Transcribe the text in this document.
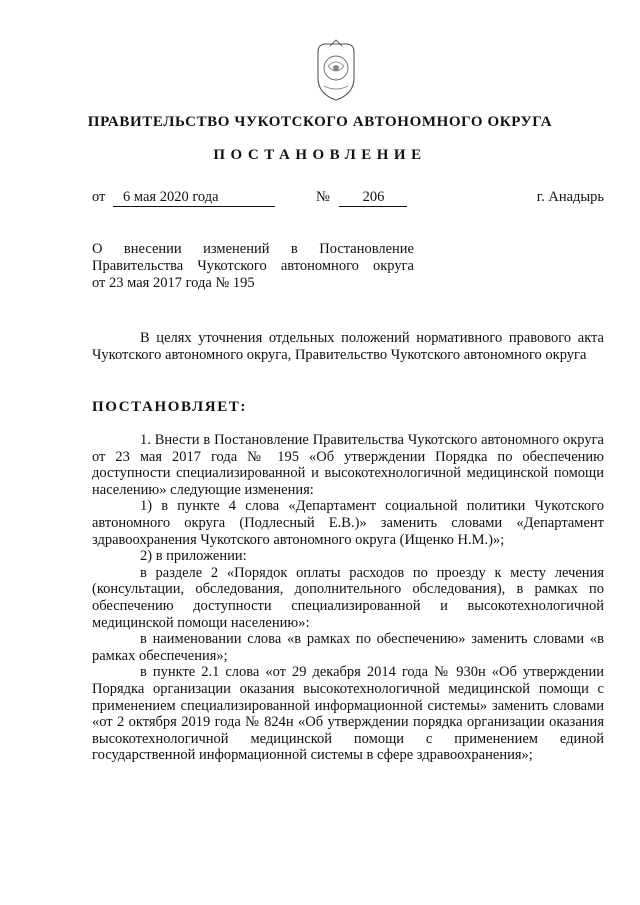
ПРАВИТЕЛЬСТВО ЧУКОТСКОГО АВТОНОМНОГО ОКРУГА
ПОСТАНОВЛЕНИЕ
от 6 мая 2020 года	№ 206	г. Анадырь
О внесении изменений в Постановление
Правительства Чукотского автономного округа
от 23 мая 2017 года № 195

В целях уточнения отдельных положений нормативного правового акта Чукотского автономного округа, Правительство Чукотского автономного округа

ПОСТАНОВЛЯЕТ:

1. Внести в Постановление Правительства Чукотского автономного округа от 23 мая 2017 года № 195 «Об утверждении Порядка по обеспечению доступности специализированной и высокотехнологичной медицинской помощи населению» следующие изменения:

1) в пункте 4 слова «Департамент социальной политики Чукотского автономного округа (Подлесный Е.В.)» заменить словами «Департамент здравоохранения Чукотского автономного округа (Ищенко Н.М.)»;

2) в приложении:

в разделе 2 «Порядок оплаты расходов по проезду к месту лечения (консультации, обследования, дополнительного обследования), в рамках по обеспечению доступности специализированной и высокотехнологичной медицинской помощи населению»:

в наименовании слова «в рамках по обеспечению» заменить словами «в рамках обеспечения»;

в пункте 2.1 слова «от 29 декабря 2014 года № 930н «Об утверждении Порядка организации оказания высокотехнологичной медицинской помощи с применением специализированной информационной системы» заменить словами «от 2 октября 2019 года № 824н «Об утверждении порядка организации оказания высокотехнологичной медицинской помощи с применением единой государственной информационной системы в сфере здравоохранения»;
